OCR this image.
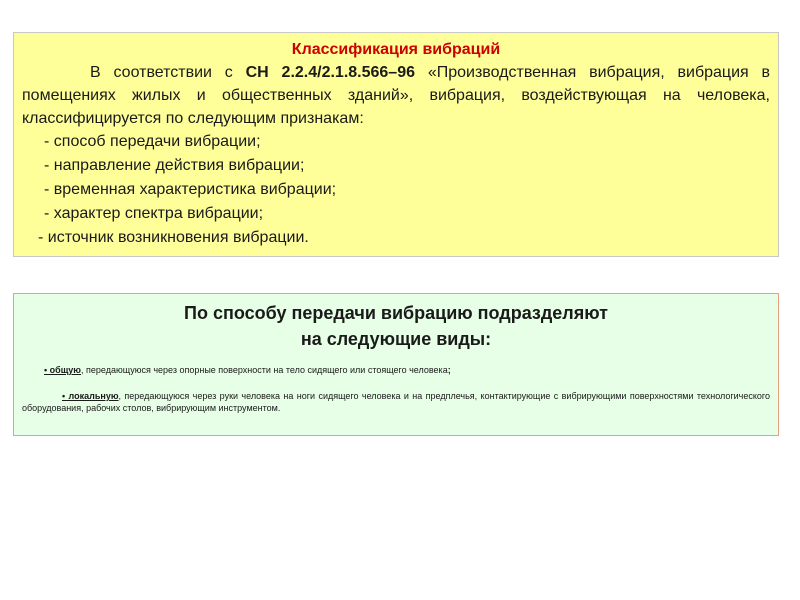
Классификация вибраций

В соответствии с СН 2.2.4/2.1.8.566–96 «Производственная вибрация, вибрация в помещениях жилых и общественных зданий», вибрация, воздействующая на человека, классифицируется по следующим признакам:

- способ передачи вибрации;
- направление действия вибрации;
- временная характеристика вибрации;
- характер спектра вибрации;
- источник возникновения вибрации.

По способу передачи вибрацию подразделяют

на следующие виды:

• общую, передающуюся через опорные поверхности на тело сидящего или стоящего человека;

• локальную, передающуюся через руки человека на ноги сидящего человека и на предплечья, контактирующие с вибрирующими поверхностями технологического оборудования, рабочих столов, вибрирующим инструментом.
